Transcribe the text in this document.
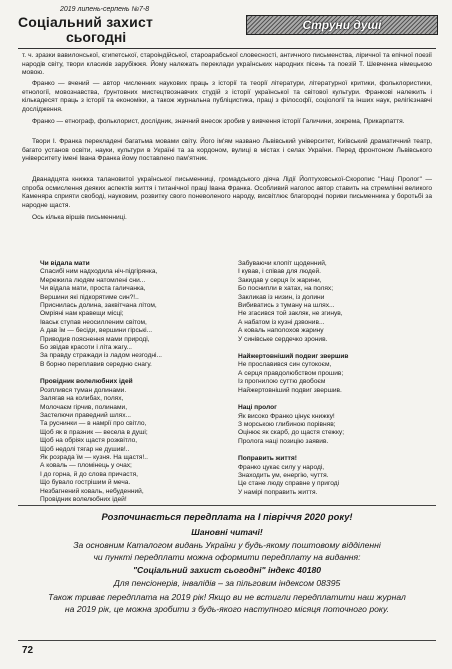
2019 липень-серпень №7-8
Соціальний захист
сьогодні
Струни душі

т. ч. зразки вавилонської, єгипетської, староіндійської, староарабської словесності, античного письменства, ліричної та епічної поезії народів світу, твори класиків зарубіжжя. Йому належать переклади українських народних пісень та поезій Т. Шевченка німецькою мовою.

Франко — вчений — автор численних наукових праць з історії та теорії літератури, літературної критики, фольклористики, етнології, мовознавства, ґрунтовних мистецтвознавчих студій з історії української та світової культури. Франкові належить і кількадесят праць з історії та економіки, а також журнальна публіцистика, праці з філософії, соціології та інших наук, релігієзнавчі дослідження.

Франко — етнограф, фольклорист, дослідник, значний внесок зробив у вивчення історії Галичини, зокрема, Прикарпаття.

Твори І. Франка перекладені багатьма мовами світу. Його ім'ям названо Львівський університет, Київський драматичний театр, багато установ освіти, науки, культури в Україні та за кордоном, вулиці в містах і селах України. Перед фронтоном Львівського університету імені Івана Франка йому поставлено пам'ятник.

Дванадцята книжка талановитої української письменниці, громадського діяча Лідії Йолтуховської-Скоропис "Наці Пролог" — спроба осмислення деяких аспектів життя і титанічної праці Івана Франка. Особливий наголос автор ставить на стремлінні великого Каменяра сприяти свободі, науковим, розвитку свого поневоленого народу, висвітлює благородні пориви письменника у боротьбі за народне щастя.

Ось кілька віршів письменниці.

Чи відала мати

Спасибі ним надходила ніч-підгірянка,

Мережила людям натомлені сни...

Чи відала мати, проста галичанка,

Вершини які підкорятиме син?!..

Приснилась долина, заквітчана літом,

Омріяні нам кравещи місці;

Іваськ ступав неосилленим світом,

А дав їм — бесіди, вершини гірські...

Приводив пояснення мами природі,

Бо звідав красоти і літа жагу...

За правду стражади із ладом незгодні...

В борню переплавив середню снагу.

Провідник волелюбних ідей

Розплився туман долинами.

Залягав на колибах, полях,

Молочаєм гірчив, полинами,

Застелючи праведний шлях...

Та руснинки — в намрії про світло,

Щоб як в празник — весела в душі;

Щоб на обріях щастя розквітло,

Щоб недолі тягар не душив!..

Як розрада їм — кузня. На щастя!..

А коваль — пломінець у очах;

І до горна, й до слова причастя,

Що бувало гострішим й меча.

Незбагнений коваль, небуденний,

Провідник волелюбних ідей!

Забуваючи клопіт щоденний,

І кував, і співав для людей.

Закидав у серця їх жарини,

Бо поснипли в хатах, на полях;

Закликав із низин, із долини

Вибиватись з туману на шлях...

Не згасився той закляк, не згинув,

А набатом із кузні дзвонив...

А коваль наполохов жарину

У синівське сердечко зронив.

Найжертовніший подвиг звершив

Не прославився син сутокоєм,

А серця правдолюбством прошив;

Із прогнилою суттю двобоєм

Найжертовніший подвиг звершив.

Наці пролог

Як високо Франко цінує книжку!

З морською глибиною порівняв;

Оцінює як скарб, до щастя стежку;

Пролога наці позицію заявив.

Поправить життя!

Франко цукає силу у народі,

Знаходить ум, енергію, чуття.

Це стане люду справне у пригоді

У намірі поправить життя.

Розпочинається передплата на І півріччя 2020 року!

Шановні читачі!

За основним Каталогом видань України у будь-якому поштовому відділенні

чи пункті передплати можна оформити передплату на видання:

"Соціальний захист сьогодні" індекс 40180

Для пенсіонерів, інвалідів – за пільговим індексом 08395

Також триває передплата на 2019 рік! Якщо ви не встигли передплатити наш журнал

на 2019 рік, це можна зробити з будь-якого наступного місяця поточного року.

72
